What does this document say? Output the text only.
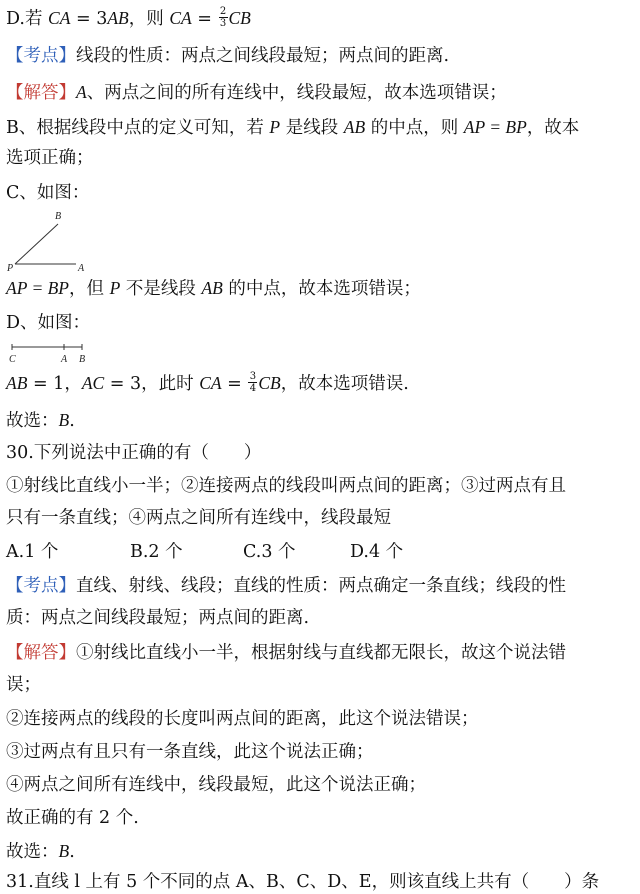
D.若 CA = 3AB，则 CA = $\frac{2}{3}$ CB
【考点】线段的性质：两点之间线段最短；两点间的距离.
【解答】A、两点之间的所有连线中，线段最短，故本选项错误；
B、根据线段中点的定义可知，若 P 是线段 AB 的中点，则 AP = BP，故本
选项正确；
C、如图：
B
P	A
AP = BP，但 P 不是线段 AB 的中点，故本选项错误；
D、如图：
C	A B
AB = 1，AC = 3，此时 CA = $\frac{3}{4}$ CB，故本选项错误.
故选：B.
30.下列说法中正确的有（　　）
①射线比直线小一半；②连接两点的线段叫两点间的距离；③过两点有且
只有一条直线；④两点之间所有连线中，线段最短
A.1 个	B.2 个	C.3 个	D.4 个
【考点】直线、射线、线段；直线的性质：两点确定一条直线；线段的性
质：两点之间线段最短；两点间的距离.
【解答】①射线比直线小一半，根据射线与直线都无限长，故这个说法错
误；
②连接两点的线段的长度叫两点间的距离，此这个说法错误；
③过两点有且只有一条直线，此这个说法正确；
④两点之间所有连线中，线段最短，此这个说法正确；
故正确的有 2 个.
故选：B.
31.直线 l 上有 5 个不同的点 A、B、C、D、E，则该直线上共有（　　）条
